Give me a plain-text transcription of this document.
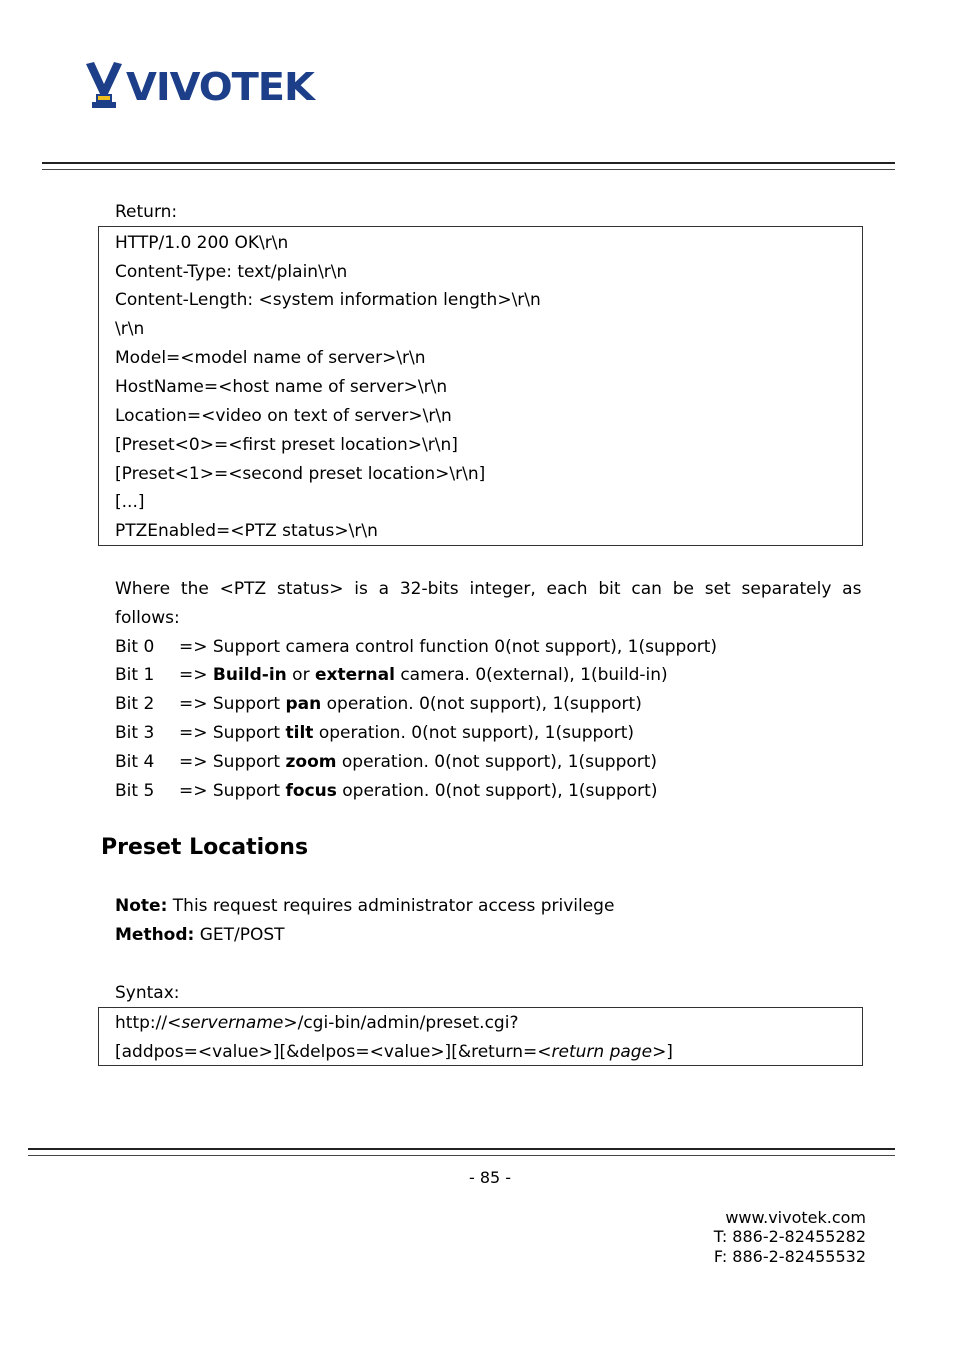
VIVOTEK
Return:
HTTP/1.0 200 OK\r\n
Content-Type: text/plain\r\n
Content-Length: <system information length>\r\n
\r\n
Model=<model name of server>\r\n
HostName=<host name of server>\r\n
Location=<video on text of server>\r\n
[Preset<0>=<first preset location>\r\n]
[Preset<1>=<second preset location>\r\n]
[...]
PTZEnabled=<PTZ status>\r\n
Where  the  <PTZ  status>  is  a  32-bits  integer,  each  bit  can  be  set  separately  as
follows:
Bit 0 => Support camera control function 0(not support), 1(support)
Bit 1 => Build-in or external camera. 0(external), 1(build-in)
Bit 2 => Support pan operation. 0(not support), 1(support)
Bit 3 => Support tilt operation. 0(not support), 1(support)
Bit 4 => Support zoom operation. 0(not support), 1(support)
Bit 5 => Support focus operation. 0(not support), 1(support)
Preset Locations
Note: This request requires administrator access privilege
Method: GET/POST
Syntax:
http://<servername>/cgi-bin/admin/preset.cgi?
[addpos=<value>][&delpos=<value>][&return=<return page>]
- 85 -
www.vivotek.com
T: 886-2-82455282
F: 886-2-82455532
